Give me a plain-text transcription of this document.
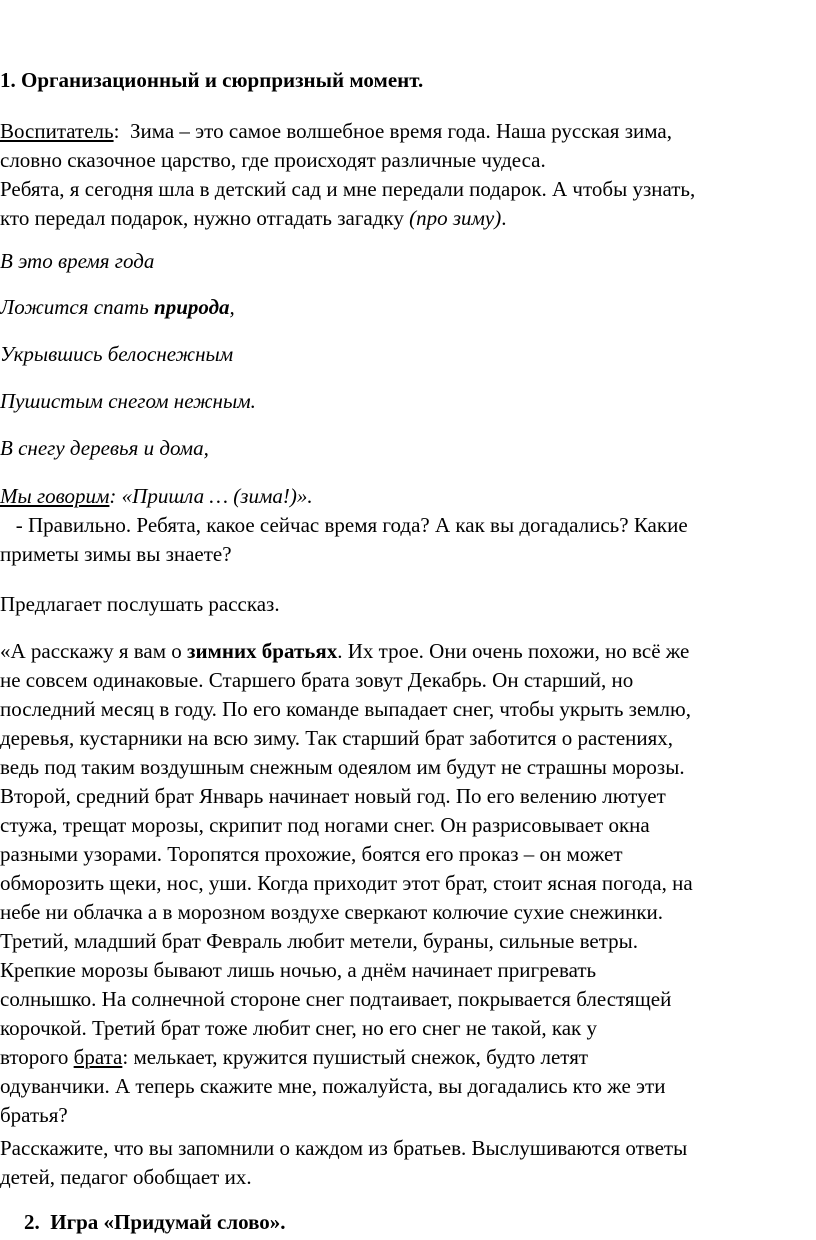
1. Организационный и сюрпризный момент.

Воспитатель: Зима – это самое волшебное время года. Наша русская зима,
словно сказочное царство, где происходят различные чудеса.
Ребята, я сегодня шла в детский сад и мне передали подарок. А чтобы узнать,
кто передал подарок, нужно отгадать загадку (про зиму).

В это время года

Ложится спать природа,

Укрывшись белоснежным

Пушистым снегом нежным.

В снегу деревья и дома,

Мы говорим: «Пришла … (зима!)».

- Правильно. Ребята, какое сейчас время года? А как вы догадались? Какие
приметы зимы вы знаете?

Предлагает послушать рассказ.

«А расскажу я вам о зимних братьях. Их трое. Они очень похожи, но всё же
не совсем одинаковые. Старшего брата зовут Декабрь. Он старший, но
последний месяц в году. По его команде выпадает снег, чтобы укрыть землю,
деревья, кустарники на всю зиму. Так старший брат заботится о растениях,
ведь под таким воздушным снежным одеялом им будут не страшны морозы.
Второй, средний брат Январь начинает новый год. По его велению лютует
стужа, трещат морозы, скрипит под ногами снег. Он разрисовывает окна
разными узорами. Торопятся прохожие, боятся его проказ – он может
обморозить щеки, нос, уши. Когда приходит этот брат, стоит ясная погода, на
небе ни облачка а в морозном воздухе сверкают колючие сухие снежинки.
Третий, младший брат Февраль любит метели, бураны, сильные ветры.
Крепкие морозы бывают лишь ночью, а днём начинает пригревать
солнышко. На солнечной стороне снег подтаивает, покрывается блестящей
корочкой. Третий брат тоже любит снег, но его снег не такой, как у
второго брата: мелькает, кружится пушистый снежок, будто летят
одуванчики. А теперь скажите мне, пожалуйста, вы догадались кто же эти
братья?

Расскажите, что вы запомнили о каждом из братьев. Выслушиваются ответы
детей, педагог обобщает их.

2.  Игра «Придумай слово».
